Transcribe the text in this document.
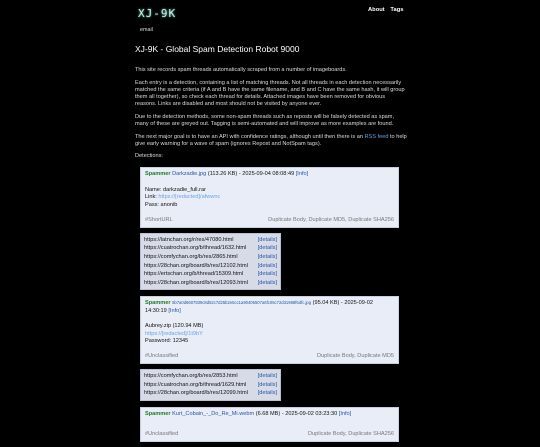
XJ-9K
email
About Tags
XJ-9K - Global Spam Detection Robot 9000

This site records spam threads automatically scraped from a number of imageboards.

Each entry is a detection, containing a list of matching threads. Not all threads in each detection necessarily matched the same criteria (if A and B have the same filename, and B and C have the same hash, it will group them all together), so check each thread for details. Attached images have been removed for obvious reasons. Links are disabled and most should not be visited by anyone ever.

Due to the detection methods, some non-spam threads such as reposts will be falsely detected as spam, many of these are greyed out. Tagging is semi-automated and will improve as more examples are found.

The next major goal is to have an API with confidence ratings, although until then there is an RSS feed to help give early warning for a wave of spam (ignores Repost and NotSpam tags).

Detections:
Spammer Darkzadie.jpg (113.26 KB) - 2025-09-04 08:08:49 [Info]
Name: darkzadie_full.rar
Link: https://[redacted]/afwwnc
Pass: anonib
#ShortURL	Duplicate Body, Duplicate MD5, Duplicate SHA256
https://latnchan.org/r/res/47080.html	[details]
https://cuatrochan.org/b/thread/1632.html [details]
https://comfychan.org/b/res/2865.html	[details]
https://28chan.org/board/b/res/12102.html [details]
https://ertschan.org/b/thread/15309.html	[details]
https://28chan.org/board/b/res/12093.html [details]
Spammer 5b7a0d6607839c8d52c7d25b2e5cc1a90405507a6fc05c72d31968f6dfc.jpg (95.04 KB) - 2025-09-02 14:30:19 [Info]
Aubrey.zip (120.94 MB)
https://[redacted]/1t9bY
Password: 12345
#Unclassified	Duplicate Body, Duplicate MD5
https://comfychan.org/b/res/2853.html	[details]
https://cuatrochan.org/b/thread/1629.html [details]
https://28chan.org/board/b/res/12099.html [details]
Spammer Kurt_Cobain_-_Do_Re_Mi.webm (6.68 MB) - 2025-09-02 03:23:30 [Info]
#Unclassified	Duplicate Body, Duplicate SHA256
